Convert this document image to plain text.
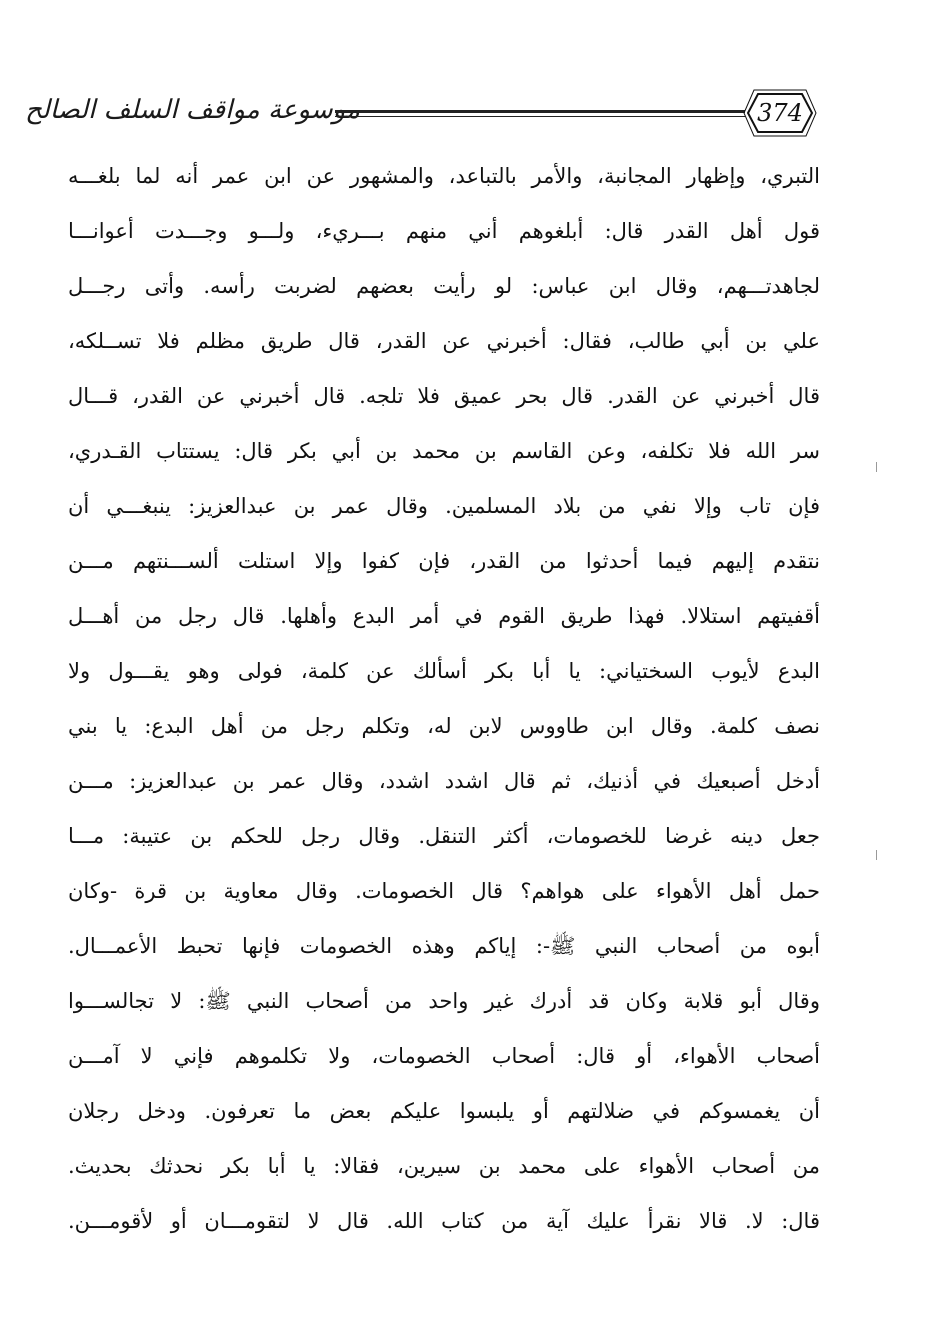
موسوعة مواقف السلف الصالح	374
التبري، وإظهار المجانبة، والأمر بالتباعد، والمشهور عن ابن عمر أنه لما بلغـــه
قول أهل القدر قال: أبلغوهم أني منهم بـــريء، ولـــو وجـــدت أعوانـــا
لجاهدتـــهم، وقال ابن عباس: لو رأيت بعضهم لضربت رأسه. وأتى رجـــل
علي بن أبي طالب، فقال: أخبرني عن القدر، قال طريق مظلم فلا تســلكه،
قال أخبرني عن القدر. قال بحر عميق فلا تلجه. قال أخبرني عن القدر، قـــال
سر الله فلا تكلفه، وعن القاسم بن محمد بن أبي بكر قال: يستتاب القـدري،
فإن تاب وإلا نفي من بلاد المسلمين. وقال عمر بن عبدالعزيز: ينبغـــي أن
نتقدم إليهم فيما أحدثوا من القدر، فإن كفوا وإلا استلت ألســـنتهم مـــن
أقفيتهم استلالا. فهذا طريق القوم في أمر البدع وأهلها. قال رجل من أهـــل
البدع لأيوب السختياني: يا أبا بكر أسألك عن كلمة، فولى وهو يقـــول ولا
نصف كلمة. وقال ابن طاووس لابن له، وتكلم رجل من أهل البدع: يا بني
أدخل أصبعيك في أذنيك، ثم قال اشدد اشدد، وقال عمر بن عبدالعزيز: مـــن
جعل دينه غرضا للخصومات، أكثر التنقل. وقال رجل للحكم بن عتيبة: مـــا
حمل أهل الأهواء على هواهم؟ قال الخصومات. وقال معاوية بن قرة -وكان
أبوه من أصحاب النبي ﷺ-: إياكم وهذه الخصومات فإنها تحبط الأعمـــال.
وقال أبو قلابة وكان قد أدرك غير واحد من أصحاب النبي ﷺ: لا تجالســـوا
أصحاب الأهواء، أو قال: أصحاب الخصومات، ولا تكلموهم فإني لا آمـــن
أن يغمسوكم في ضلالتهم أو يلبسوا عليكم بعض ما تعرفون. ودخل رجلان
من أصحاب الأهواء على محمد بن سيرين، فقالا: يا أبا بكر نحدثك بحديث.
قال: لا. قالا نقرأ عليك آية من كتاب الله. قال لا لتقومـــان أو لأقومـــن.
